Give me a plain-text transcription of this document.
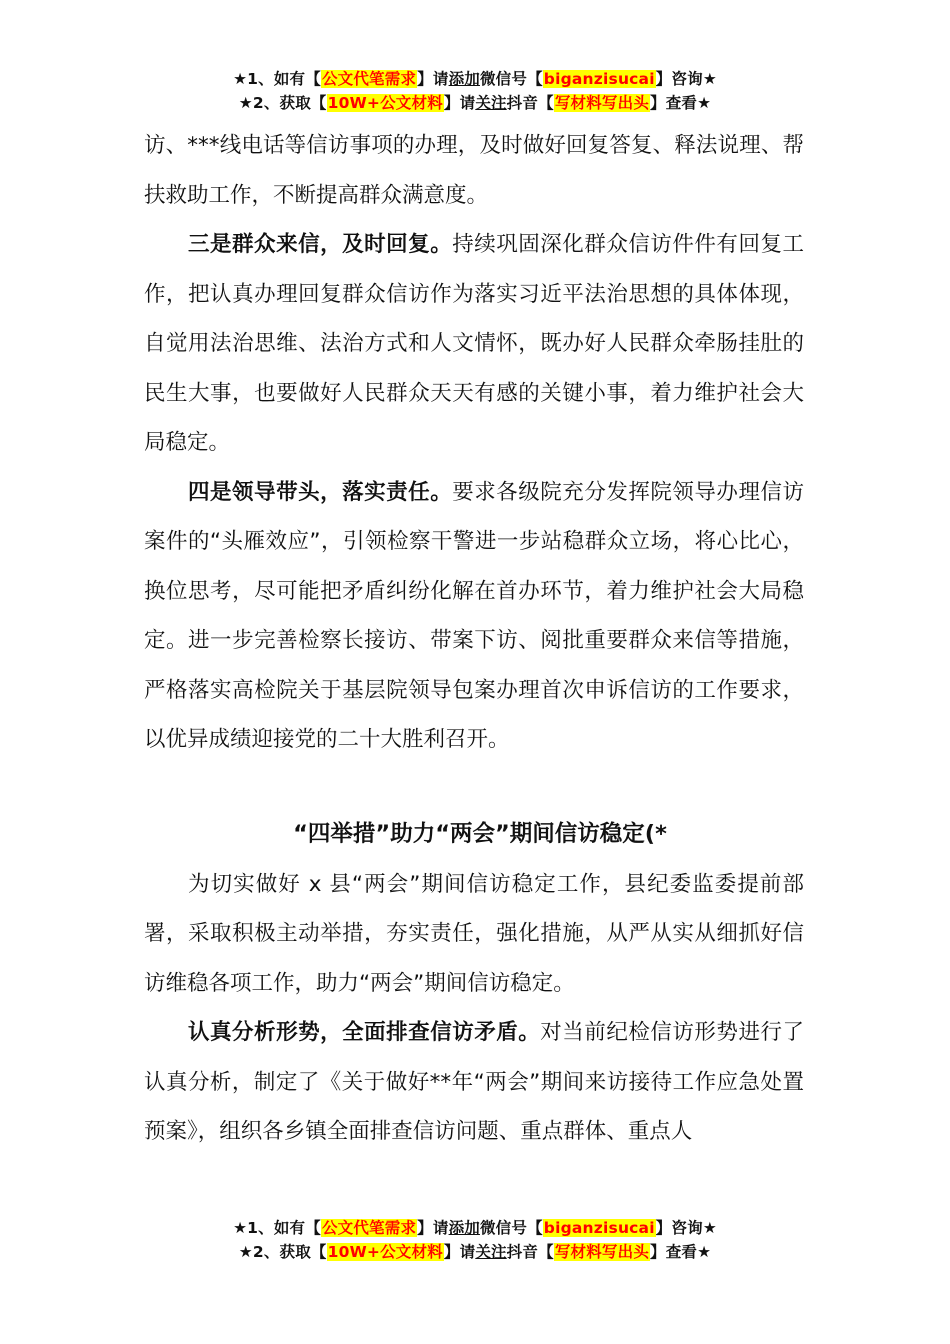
★1、如有【公文代笔需求】请添加微信号【biganzisucai】咨询★
★2、获取【10W+公文材料】请关注抖音【写材料写出头】查看★

访、***线电话等信访事项的办理，及时做好回复答复、释法说理、帮扶救助工作，不断提高群众满意度。

三是群众来信，及时回复。持续巩固深化群众信访件件有回复工作，把认真办理回复群众信访作为落实习近平法治思想的具体体现，自觉用法治思维、法治方式和人文情怀，既办好人民群众牵肠挂肚的民生大事，也要做好人民群众天天有感的关键小事，着力维护社会大局稳定。

四是领导带头，落实责任。要求各级院充分发挥院领导办理信访案件的“头雁效应”，引领检察干警进一步站稳群众立场，将心比心，换位思考，尽可能把矛盾纠纷化解在首办环节，着力维护社会大局稳定。进一步完善检察长接访、带案下访、阅批重要群众来信等措施，严格落实高检院关于基层院领导包案办理首次申诉信访的工作要求，以优异成绩迎接党的二十大胜利召开。

“四举措”助力“两会”期间信访稳定(*

为切实做好 x 县“两会”期间信访稳定工作，县纪委监委提前部署，采取积极主动举措，夯实责任，强化措施，从严从实从细抓好信访维稳各项工作，助力“两会”期间信访稳定。

认真分析形势，全面排查信访矛盾。对当前纪检信访形势进行了认真分析，制定了《关于做好**年“两会”期间来访接待工作应急处置预案》，组织各乡镇全面排查信访问题、重点群体、重点人

★1、如有【公文代笔需求】请添加微信号【biganzisucai】咨询★
★2、获取【10W+公文材料】请关注抖音【写材料写出头】查看★
